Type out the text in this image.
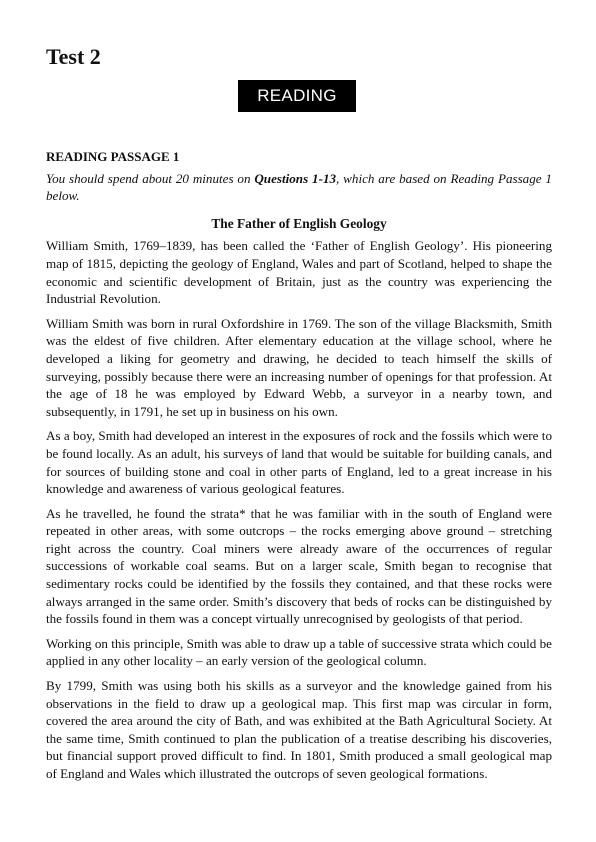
Test 2
READING
READING PASSAGE 1
You should spend about 20 minutes on Questions 1-13, which are based on Reading Passage 1 below.
The Father of English Geology

William Smith, 1769–1839, has been called the ‘Father of English Geology’. His pioneering map of 1815, depicting the geology of England, Wales and part of Scotland, helped to shape the economic and scientific development of Britain, just as the country was experiencing the Industrial Revolution.

William Smith was born in rural Oxfordshire in 1769. The son of the village Blacksmith, Smith was the eldest of five children. After elementary education at the village school, where he developed a liking for geometry and drawing, he decided to teach himself the skills of surveying, possibly because there were an increasing number of openings for that profession. At the age of 18 he was employed by Edward Webb, a surveyor in a nearby town, and subsequently, in 1791, he set up in business on his own.

As a boy, Smith had developed an interest in the exposures of rock and the fossils which were to be found locally. As an adult, his surveys of land that would be suitable for building canals, and for sources of building stone and coal in other parts of England, led to a great increase in his knowledge and awareness of various geological features.

As he travelled, he found the strata* that he was familiar with in the south of England were repeated in other areas, with some outcrops – the rocks emerging above ground – stretching right across the country. Coal miners were already aware of the occurrences of regular successions of workable coal seams. But on a larger scale, Smith began to recognise that sedimentary rocks could be identified by the fossils they contained, and that these rocks were always arranged in the same order. Smith’s discovery that beds of rocks can be distinguished by the fossils found in them was a concept virtually unrecognised by geologists of that period.

Working on this principle, Smith was able to draw up a table of successive strata which could be applied in any other locality – an early version of the geological column.

By 1799, Smith was using both his skills as a surveyor and the knowledge gained from his observations in the field to draw up a geological map. This first map was circular in form, covered the area around the city of Bath, and was exhibited at the Bath Agricultural Society. At the same time, Smith continued to plan the publication of a treatise describing his discoveries, but financial support proved difficult to find. In 1801, Smith produced a small geological map of England and Wales which illustrated the outcrops of seven geological formations.
